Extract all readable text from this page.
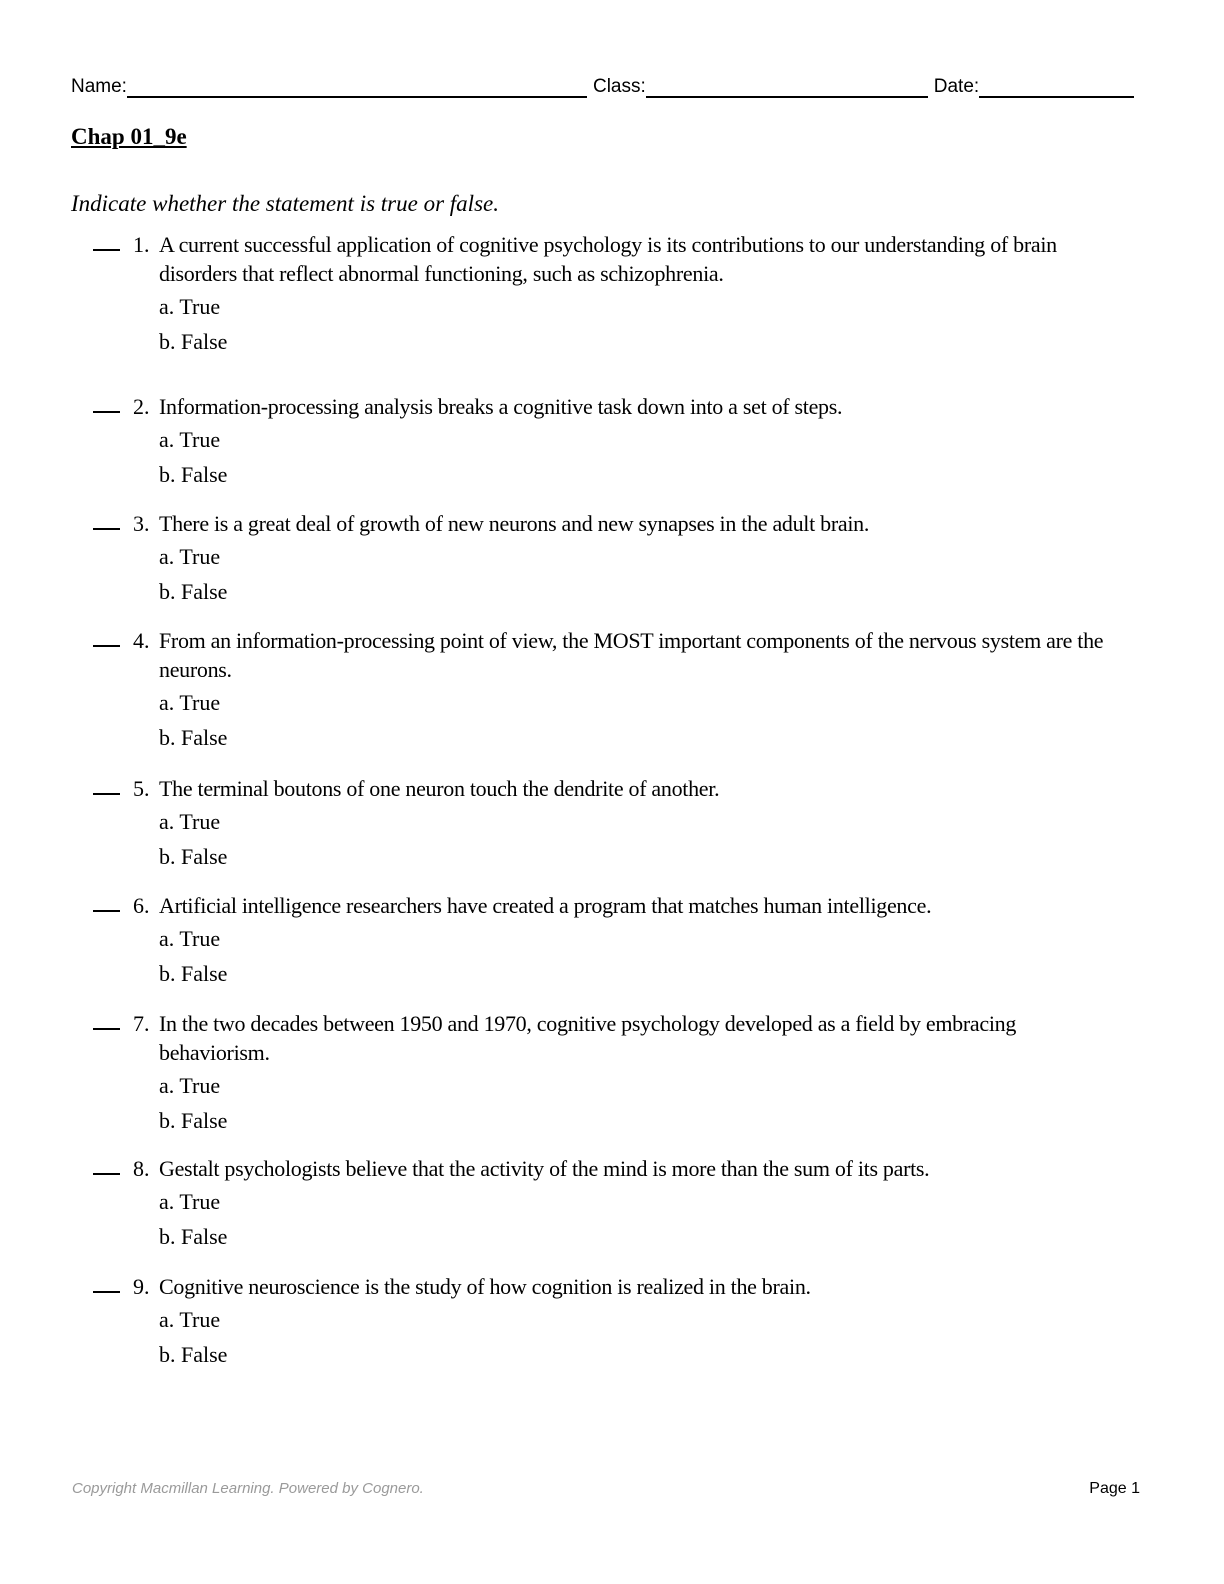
Name:	Class:	Date:
Chap 01_9e
Indicate whether the statement is true or false.
1. A current successful application of cognitive psychology is its contributions to our understanding of brain disorders that reflect abnormal functioning, such as schizophrenia.
a. True
b. False
2. Information-processing analysis breaks a cognitive task down into a set of steps.
a. True
b. False
3. There is a great deal of growth of new neurons and new synapses in the adult brain.
a. True
b. False
4. From an information-processing point of view, the MOST important components of the nervous system are the neurons.
a. True
b. False
5. The terminal boutons of one neuron touch the dendrite of another.
a. True
b. False
6. Artificial intelligence researchers have created a program that matches human intelligence.
a. True
b. False
7. In the two decades between 1950 and 1970, cognitive psychology developed as a field by embracing behaviorism.
a. True
b. False
8. Gestalt psychologists believe that the activity of the mind is more than the sum of its parts.
a. True
b. False
9. Cognitive neuroscience is the study of how cognition is realized in the brain.
a. True
b. False
Copyright Macmillan Learning. Powered by Cognero.	Page 1
